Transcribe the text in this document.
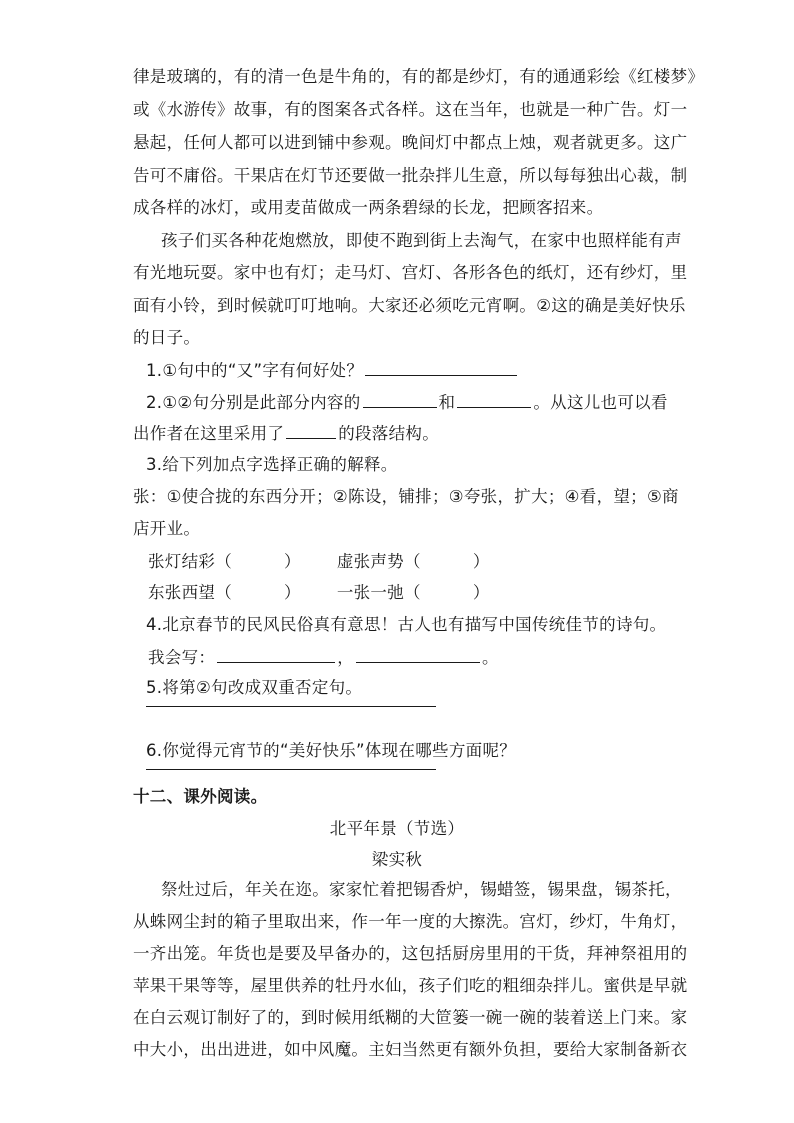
律是玻璃的，有的清一色是牛角的，有的都是纱灯，有的通通彩绘《红楼梦》
或《水游传》故事，有的图案各式各样。这在当年，也就是一种广告。灯一
悬起，任何人都可以进到铺中参观。晚间灯中都点上烛，观者就更多。这广
告可不庸俗。干果店在灯节还要做一批杂拌儿生意，所以每每独出心裁，制
成各样的冰灯，或用麦苗做成一两条碧绿的长龙，把顾客招来。
孩子们买各种花炮燃放，即使不跑到街上去淘气，在家中也照样能有声
有光地玩耍。家中也有灯；走马灯、宫灯、各形各色的纸灯，还有纱灯，里
面有小铃，到时候就叮叮地响。大家还必须吃元宵啊。②这的确是美好快乐
的日子。
1.①句中的“又”字有何好处？
2.①②句分别是此部分内容的	和	。从这儿也可以看
出作者在这里采用了	的段落结构。
3.给下列加点字选择正确的解释。
张：①使合拢的东西分开；②陈设，铺排；③夸张，扩大；④看，望；⑤商
店开业。
张灯结彩（	） 虚张声势（	）
东张西望（	） 一张一弛（	）
4.北京春节的民风民俗真有意思！古人也有描写中国传统佳节的诗句。
我会写：	，	。
5.将第②句改成双重否定句。
6.你觉得元宵节的“美好快乐”体现在哪些方面呢？
十二、课外阅读。
北平年景（节选）
梁实秋
祭灶过后，年关在迩。家家忙着把锡香炉，锡蜡签，锡果盘，锡茶托，
从蛛网尘封的箱子里取出来，作一年一度的大擦洗。宫灯，纱灯，牛角灯，
一齐出笼。年货也是要及早备办的，这包括厨房里用的干货，拜神祭祖用的
苹果干果等等，屋里供养的牡丹水仙，孩子们吃的粗细杂拌儿。蜜供是早就
在白云观订制好了的，到时候用纸糊的大笸篓一碗一碗的装着送上门来。家
中大小，出出进进，如中风魔。主妇当然更有额外负担，要给大家制备新衣
